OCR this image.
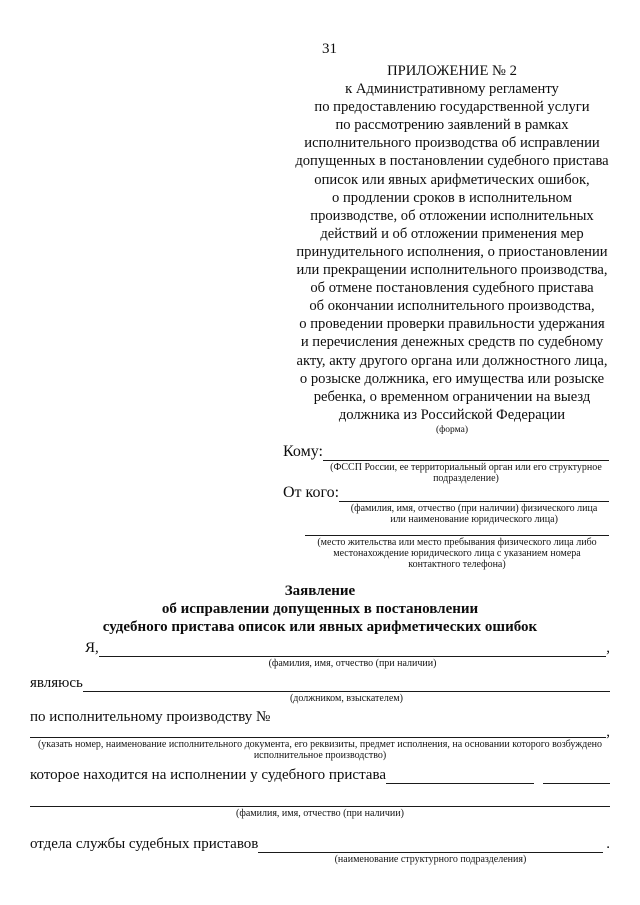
31
ПРИЛОЖЕНИЕ № 2
к Административному регламенту
по предоставлению государственной услуги
по рассмотрению заявлений в рамках
исполнительного производства об исправлении
допущенных в постановлении судебного пристава
описок или явных арифметических ошибок,
о продлении сроков в исполнительном
производстве, об отложении исполнительных
действий и об отложении применения мер
принудительного исполнения, о приостановлении
или прекращении исполнительного производства,
об отмене постановления судебного пристава
об окончании исполнительного производства,
о проведении проверки правильности удержания
и перечисления денежных средств по судебному
акту, акту другого органа или должностного лица,
о розыске должника, его имущества или розыске
ребенка, о временном ограничении на выезд
должника из Российской Федерации
(форма)
Кому:
(ФССП России, ее территориальный орган или его структурное подразделение)
От кого:
(фамилия, имя, отчество (при наличии) физического лица или наименование юридического лица)
(место жительства или место пребывания физического лица либо местонахождение юридического лица с указанием номера контактного телефона)
Заявление
об исправлении допущенных в постановлении
судебного пристава описок или явных арифметических ошибок
Я,
(фамилия, имя, отчество (при наличии)
,
являюсь
(должником, взыскателем)
по исполнительному производству №
,
(указать номер, наименование исполнительного документа, его реквизиты, предмет исполнения, на основании которого возбуждено исполнительное производство)
которое находится на исполнении у судебного пристава
(фамилия, имя, отчество (при наличии)
отдела службы судебных приставов
(наименование структурного подразделения)
.
